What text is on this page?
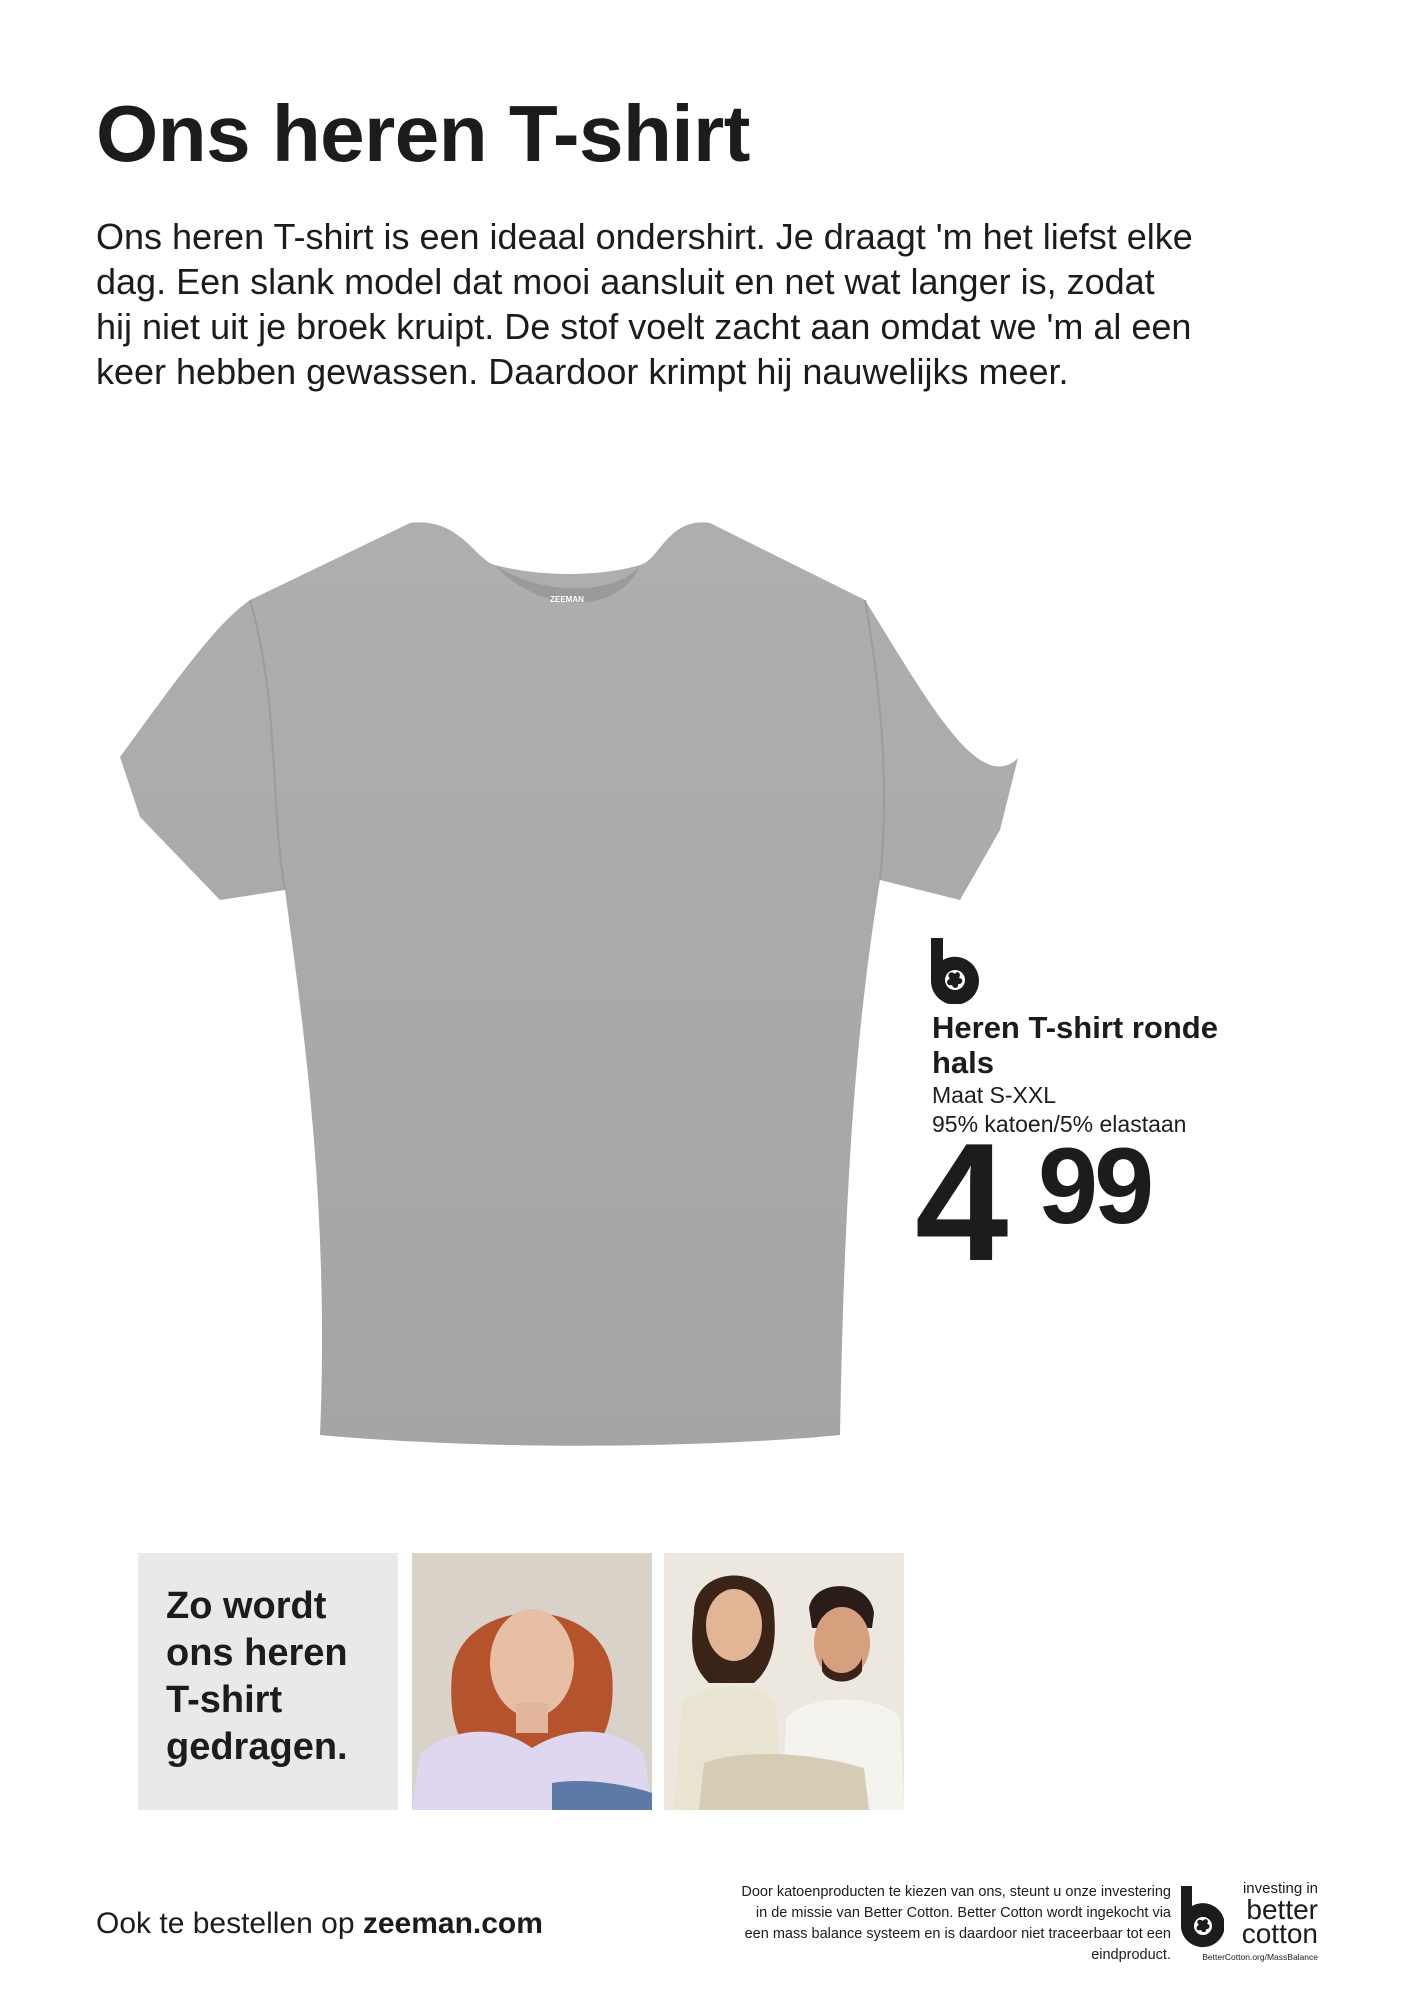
Ons heren T-shirt

Ons heren T-shirt is een ideaal ondershirt. Je draagt 'm het liefst elke dag. Een slank model dat mooi aansluit en net wat langer is, zodat hij niet uit je broek kruipt. De stof voelt zacht aan omdat we 'm al een keer hebben gewassen. Daardoor krimpt hij nauwelijks meer.

ZEEMAN
Heren T-shirt ronde hals
Maat S-XXL
95% katoen/5% elastaan
4 99
Zo wordt ons heren T-shirt gedragen.
Ook te bestellen op zeeman.com
Door katoenproducten te kiezen van ons, steunt u onze investering in de missie van Better Cotton. Better Cotton wordt ingekocht via een mass balance systeem en is daardoor niet traceerbaar tot een eindproduct.
investing in
better
cotton
BetterCotton.org/MassBalance
